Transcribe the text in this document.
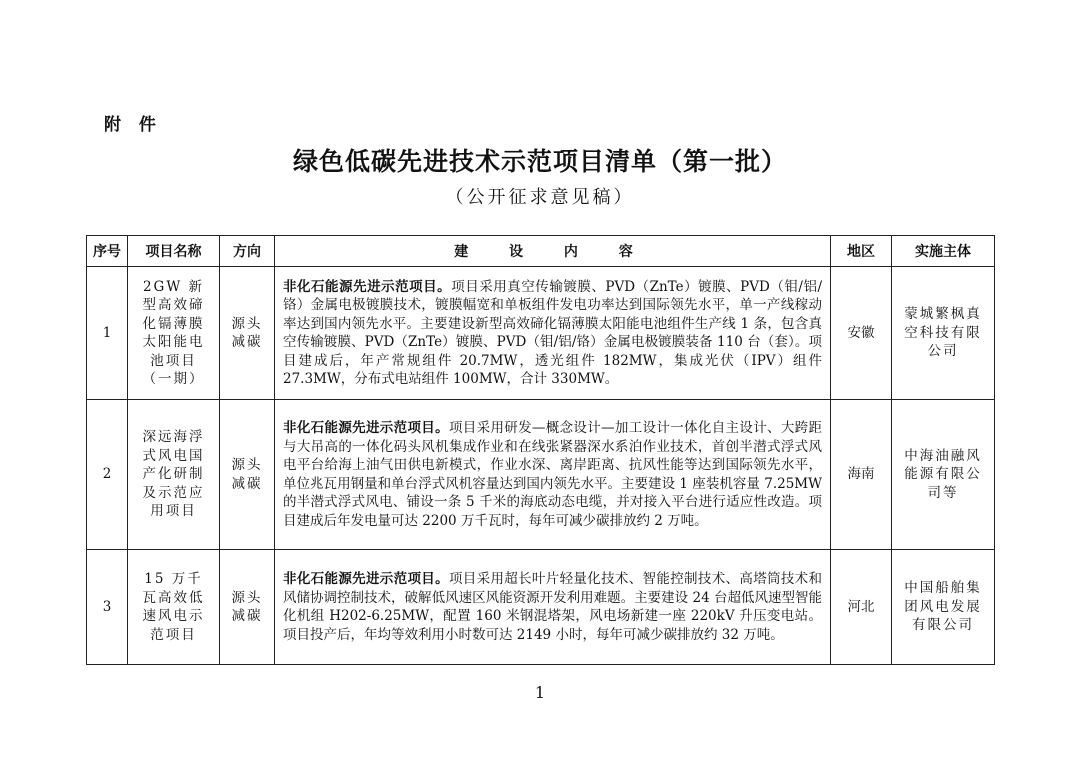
附 件
绿色低碳先进技术示范项目清单（第一批）
（公开征求意见稿）
序号	项目名称	方向	建 设 内 容	地区	实施主体
1	2GW 新型高效碲化镉薄膜太阳能电池项目（一期）	源头减碳	非化石能源先进示范项目。项目采用真空传输镀膜、PVD（ZnTe）镀膜、PVD（钼/铝/铬）金属电极镀膜技术，镀膜幅宽和单板组件发电功率达到国际领先水平，单一产线稼动率达到国内领先水平。主要建设新型高效碲化镉薄膜太阳能电池组件生产线 1 条，包含真空传输镀膜、PVD（ZnTe）镀膜、PVD（钼/铝/铬）金属电极镀膜装备 110 台（套）。项目建成后，年产常规组件 20.7MW，透光组件 182MW，集成光伏（IPV）组件 27.3MW，分布式电站组件 100MW，合计 330MW。	安徽	蒙城繁枫真空科技有限公司
2	深远海浮式风电国产化研制及示范应用项目	源头减碳	非化石能源先进示范项目。项目采用研发—概念设计—加工设计一体化自主设计、大跨距与大吊高的一体化码头风机集成作业和在线张紧器深水系泊作业技术，首创半潜式浮式风电平台给海上油气田供电新模式，作业水深、离岸距离、抗风性能等达到国际领先水平，单位兆瓦用钢量和单台浮式风机容量达到国内领先水平。主要建设 1 座装机容量 7.25MW 的半潜式浮式风电、铺设一条 5 千米的海底动态电缆，并对接入平台进行适应性改造。项目建成后年发电量可达 2200 万千瓦时，每年可减少碳排放约 2 万吨。	海南	中海油融风能源有限公司等
3	15 万千瓦高效低速风电示范项目	源头减碳	非化石能源先进示范项目。项目采用超长叶片轻量化技术、智能控制技术、高塔筒技术和风储协调控制技术，破解低风速区风能资源开发利用难题。主要建设 24 台超低风速型智能化机组 H202-6.25MW，配置 160 米钢混塔架，风电场新建一座 220kV 升压变电站。项目投产后，年均等效利用小时数可达 2149 小时，每年可减少碳排放约 32 万吨。	河北	中国船舶集团风电发展有限公司
1
